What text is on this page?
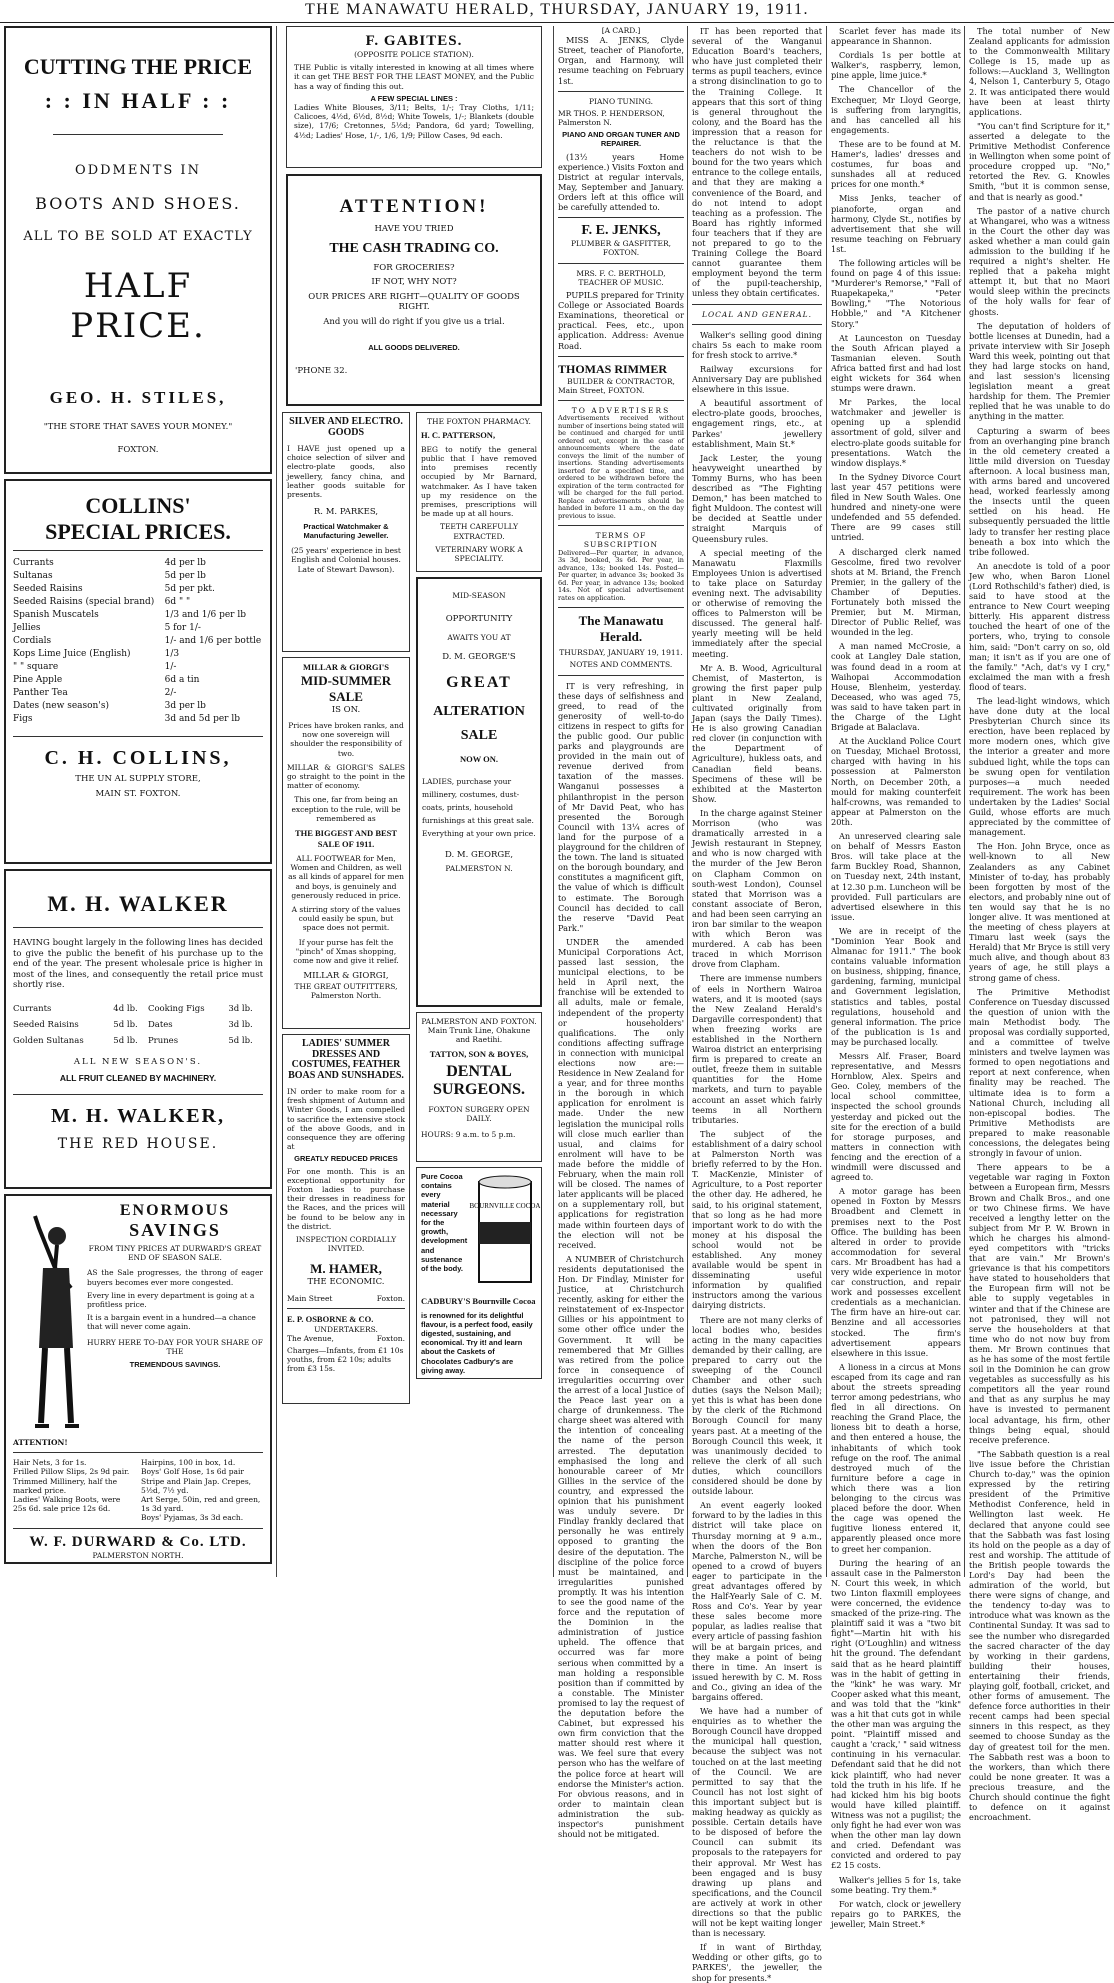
THE MANAWATU HERALD, THURSDAY, JANUARY 19, 1911.
CUTTING THE PRICE
: : IN HALF : :
ODDMENTS IN
BOOTS AND SHOES.
ALL TO BE SOLD AT EXACTLY
HALF PRICE.
GEO. H. STILES,
"THE STORE THAT SAVES YOUR MONEY."
FOXTON.
COLLINS'
SPECIAL PRICES.
Currants	4d per lb
Sultanas	5d per lb
Seeded Raisins	5d per pkt.
Seeded Raisins (special brand)	6d " "
Spanish Muscatels	1/3 and 1/6 per lb
Jellies	5 for 1/-
Cordials	1/- and 1/6 per bottle
Kops Lime Juice (English)	1/3
" " square	1/-
Pine Apple	6d a tin
Panther Tea	2/-
Dates (new season's)	3d per lb
Figs	3d and 5d per lb
C. H. COLLINS,
THE UN AL SUPPLY STORE,
MAIN ST. FOXTON.
M. H. WALKER
HAVING bought largely in the following lines has decided to give the public the benefit of his purchase up to the end of the year. The present wholesale price is higher in most of the lines, and consequently the retail price must shortly rise.
Currants	4d lb.	Cooking Figs	3d lb.
Seeded Raisins	5d lb.	Dates	3d lb.
Golden Sultanas	5d lb.	Prunes	5d lb.
ALL NEW SEASON'S.
ALL FRUIT CLEANED BY MACHINERY.
M. H. WALKER,
THE RED HOUSE.
ENORMOUS
SAVINGS
FROM TINY PRICES AT DURWARD'S GREAT END OF SEASON SALE.
AS the Sale progresses, the throng of eager buyers becomes ever more congested.
Every line in every department is going at a profitless price.
It is a bargain event in a hundred—a chance that will never come again.
HURRY HERE TO-DAY FOR YOUR SHARE OF THE
TREMENDOUS SAVINGS.
ATTENTION!
Hair Nets, 3 for 1s.
Frilled Pillow Slips, 2s 9d pair.
Trimmed Millinery, half the marked price.
Ladies' Walking Boots, were 25s 6d. sale price 12s 6d.
Hairpins, 100 in box, 1d.
Boys' Golf Hose, 1s 6d pair
Stripe and Plain Jap. Crepes, 5½d, 7½ yd.
Art Serge, 50in, red and green, 1s 3d yard.
Boys' Pyjamas, 3s 3d each.
W. F. DURWARD & Co. LTD.
PALMERSTON NORTH.
F. GABITES.
(OPPOSITE POLICE STATION).
THE Public is vitally interested in knowing at all times where it can get THE BEST FOR THE LEAST MONEY, and the Public has a way of finding this out.
A FEW SPECIAL LINES :
Ladies White Blouses, 3/11; Belts, 1/-; Tray Cloths, 1/11; Calicoes, 4½d, 6½d, 8½d; White Towels, 1/-; Blankets (double size), 17/6; Cretonnes, 5½d; Pandora, 6d yard; Towelling, 4½d; Ladies' Hose, 1/-, 1/6, 1/9; Pillow Cases, 9d each.
ATTENTION!
HAVE YOU TRIED
THE CASH TRADING CO.
FOR GROCERIES?
IF NOT, WHY NOT?
OUR PRICES ARE RIGHT—QUALITY OF GOODS RIGHT.
And you will do right if you give us a trial.
ALL GOODS DELIVERED.
'PHONE 32.
SILVER AND ELECTRO. GOODS
I HAVE just opened up a choice selection of silver and electro-plate goods, also jewellery, fancy china, and leather goods suitable for presents.
R. M. PARKES,
Practical Watchmaker & Manufacturing Jeweller.
(25 years' experience in best English and Colonial houses. Late of Stewart Dawson).
MILLAR & GIORGI'S
MID-SUMMER SALE
IS ON.
Prices have broken ranks, and now one sovereign will shoulder the responsibility of two.
MILLAR & GIORGI'S SALES go straight to the point in the matter of economy.
This one, far from being an exception to the rule, will be remembered as
THE BIGGEST AND BEST SALE OF 1911.
ALL FOOTWEAR for Men, Women and Children, as well as all kinds of apparel for men and boys, is genuinely and generously reduced in price.
A stirring story of the values could easily be spun, but space does not permit.
If your purse has felt the "pinch" of Xmas shopping, come now and give it relief.
MILLAR & GIORGI,
THE GREAT OUTFITTERS,
Palmerston North.
LADIES' SUMMER DRESSES AND COSTUMES, FEATHER BOAS AND SUNSHADES.
IN order to make room for a fresh shipment of Autumn and Winter Goods, I am compelled to sacrifice the extensive stock of the above Goods, and in consequence they are offering at
GREATLY REDUCED PRICES
For one month. This is an exceptional opportunity for Foxton ladies to purchase their dresses in readiness for the Races, and the prices will be found to be below any in the district.
INSPECTION CORDIALLY INVITED.
M. HAMER,
THE ECONOMIC.
Main Street	Foxton.
E. P. OSBORNE & CO.
UNDERTAKERS.
The Avenue,	Foxton.
Charges—Infants, from £1 10s youths, from £2 10s; adults from £3 15s.
THE FOXTON PHARMACY.
H. C. PATTERSON,
BEG to notify the general public that I have removed into premises recently occupied by Mr Barnard, watchmaker. As I have taken up my residence on the premises, prescriptions will be made up at all hours.
TEETH CAREFULLY EXTRACTED.
VETERINARY WORK A SPECIALITY.
MID-SEASON
OPPORTUNITY
AWAITS YOU AT
D. M. GEORGE'S
GREAT
ALTERATION
SALE
NOW ON.
LADIES, purchase your millinery, costumes, dust-coats, prints, household furnishings at this great sale. Everything at your own price.
D. M. GEORGE,
PALMERSTON N.
PALMERSTON AND FOXTON.
Main Trunk Line, Ohakune and Raetihi.
TATTON, SON & BOYES,
DENTAL SURGEONS.
FOXTON SURGERY OPEN DAILY.
HOURS: 9 a.m. to 5 p.m.
BOURNVILLE COCOA
Pure Cocoa contains every material necessary for the growth, development and sustenance of the body.
CADBURY'S Bournville Cocoa
is renowned for its delightful flavour, is a perfect food, easily digested, sustaining, and economical. Try it! and learn about the Caskets of Chocolates Cadbury's are giving away.
[A CARD.]
MISS A. JENKS, Clyde Street, teacher of Pianoforte, Organ, and Harmony, will resume teaching on February 1st.
PIANO TUNING.
MR THOS. P. HENDERSON, Palmerston N.
PIANO AND ORGAN TUNER AND REPAIRER.
(13½ years Home experience.) Visits Foxton and District at regular intervals, May, September and January. Orders left at this office will be carefully attended to.
F. E. JENKS,
PLUMBER & GASFITTER,
FOXTON.
MRS. F. C. BERTHOLD,
TEACHER OF MUSIC.
PUPILS prepared for Trinity College or Associated Boards Examinations, theoretical or practical. Fees, etc., upon application. Address: Avenue Road.
THOMAS RIMMER
BUILDER & CONTRACTOR,
Main Street, FOXTON.
TO ADVERTISERS
Advertisements received without number of insertions being stated will be continued and charged for until ordered out, except in the case of announcements where the date conveys the limit of the number of insertions. Standing advertisements inserted for a specified time, and ordered to be withdrawn before the expiration of the term contracted for will be charged for the full period. Replace advertisements should be handed in before 11 a.m., on the day previous to issue.
TERMS OF SUBSCRIPTION
Delivered—Per quarter, in advance, 3s 3d, booked, 3s 6d. Per year, in advance, 13s; booked 14s. Posted—Per quarter, in advance 3s; booked 3s 6d. Per year, in advance 13s; booked 14s. Not of special advertisement rates on application.
The Manawatu Herald.
THURSDAY, JANUARY 19, 1911.
NOTES AND COMMENTS.
IT is very refreshing, in these days of selfishness and greed, to read of the generosity of well-to-do citizens in respect to gifts for the public good. Our public parks and playgrounds are provided in the main out of revenue derived from taxation of the masses. Wanganui possesses a philanthropist in the person of Mr David Peat, who has presented the Borough Council with 13¼ acres of land for the purpose of a playground for the children of the town. The land is situated on the borough boundary, and constitutes a magnificent gift, the value of which is difficult to estimate. The Borough Council has decided to call the reserve "David Peat Park."
UNDER the amended Municipal Corporations Act, passed last session, the municipal elections, to be held in April next, the franchise will be extended to all adults, male or female, independent of the property or householders' qualifications. The only conditions affecting suffrage in connection with municipal elections now are:—Residence in New Zealand for a year, and for three months in the borough in which application for enrolment is made. Under the new legislation the municipal rolls will close much earlier than usual, and claims for enrolment will have to be made before the middle of February, when the main roll will be closed. The names of later applicants will be placed on a supplementary roll, but applications for registration made within fourteen days of the election will not be received.
A NUMBER of Christchurch residents deputationised the Hon. Dr Findlay, Minister for Justice, at Christchurch recently, asking for either the reinstatement of ex-Inspector Gillies or his appointment to some other office under the Government. It will be remembered that Mr Gillies was retired from the police force in consequence of irregularities occurring over the arrest of a local Justice of the Peace last year on a charge of drunkenness. The charge sheet was altered with the intention of concealing the name of the person arrested. The deputation emphasised the long and honourable career of Mr Gillies in the service of the country, and expressed the opinion that his punishment was unduly severe. Dr Findlay frankly declared that personally he was entirely opposed to granting the desire of the deputation. The discipline of the police force must be maintained, and irregularities punished promptly. It was his intention to see the good name of the force and the reputation of the Dominion in the administration of justice upheld. The offence that occurred was far more serious when committed by a man holding a responsible position than if committed by a constable. The Minister promised to lay the request of the deputation before the Cabinet, but expressed his own firm conviction that the matter should rest where it was. We feel sure that every person who has the welfare of the police force at heart will endorse the Minister's action. For obvious reasons, and in order to maintain clean administration the sub-inspector's punishment should not be mitigated.
IT has been reported that several of the Wanganui Education Board's teachers, who have just completed their terms as pupil teachers, evince a strong disinclination to go to the Training College. It appears that this sort of thing is general throughout the colony, and the Board has the impression that a reason for the reluctance is that the teachers do not wish to be bound for the two years which entrance to the college entails, and that they are making a convenience of the Board, and do not intend to adopt teaching as a profession. The Board has rightly informed four teachers that if they are not prepared to go to the Training College the Board cannot guarantee them employment beyond the term of the pupil-teachership, unless they obtain certificates.
LOCAL AND GENERAL.
Walker's selling good dining chairs 5s each to make room for fresh stock to arrive.*
Railway excursions for Anniversary Day are published elsewhere in this issue.
A beautiful assortment of electro-plate goods, brooches, engagement rings, etc., at Parkes' jewellery establishment, Main St.*
Jack Lester, the young heavyweight unearthed by Tommy Burns, who has been described as "The Fighting Demon," has been matched to fight Muldoon. The contest will be decided at Seattle under straight Marquis of Queensbury rules.
A special meeting of the Manawatu Flaxmills Employees Union is advertised to take place on Saturday evening next. The advisability or otherwise of removing the offices to Palmerston will be discussed. The general half-yearly meeting will be held immediately after the special meeting.
Mr A. B. Wood, Agricultural Chemist, of Masterton, is growing the first paper pulp plant in New Zealand, cultivated originally from Japan (says the Daily Times). He is also growing Canadian red clover (in conjunction with the Department of Agriculture), hukless oats, and Canadian field beans. Specimens of these will be exhibited at the Masterton Show.
In the charge against Steiner Morrison (who was dramatically arrested in a Jewish restaurant in Stepney, and who is now charged with the murder of the Jew Beron on Clapham Common on south-west London), Counsel stated that Morrison was a constant associate of Beron, and had been seen carrying an iron bar similar to the weapon with which Beron was murdered. A cab has been traced in which Morrison drove from Clapham.
There are immense numbers of eels in Northern Wairoa waters, and it is mooted (says the New Zealand Herald's Dargaville correspondent) that when freezing works are established in the Northern Wairoa district an enterprising firm is prepared to create an outlet, freeze them in suitable quantities for the Home markets, and turn to payable account an asset which fairly teems in all Northern tributaries.
The subject of the establishment of a dairy school at Palmerston North was briefly referred to by the Hon. T. MacKenzie, Minister of Agriculture, to a Post reporter the other day. He adhered, he said, to his original statement, that so long as he had more important work to do with the money at his disposal the school would not be established. Any money available would be spent in disseminating useful information by qualified instructors among the various dairying districts.
There are not many clerks of local bodies who, besides acting in the many capacities demanded by their calling, are prepared to carry out the sweeping of the Council Chamber and other such duties (says the Nelson Mail); yet this is what has been done by the clerk of the Richmond Borough Council for many years past. At a meeting of the Borough Council this week, it was unanimously decided to relieve the clerk of all such duties, which councillors considered should be done by outside labour.
An event eagerly looked forward to by the ladies in this district will take place on Thursday morning at 9 a.m., when the doors of the Bon Marche, Palmerston N., will be opened to a crowd of buyers eager to participate in the great advantages offered by the Half-Yearly Sale of C. M. Ross and Co's. Year by year these sales become more popular, as ladies realise that every article of passing fashion will be at bargain prices, and they make a point of being there in time. An insert is issued herewith by C. M. Ross and Co., giving an idea of the bargains offered.
We have had a number of enquiries as to whether the Borough Council have dropped the municipal hall question, because the subject was not touched on at the last meeting of the Council. We are permitted to say that the Council has not lost sight of this important subject but is making headway as quickly as possible. Certain details have to be disposed of before the Council can submit its proposals to the ratepayers for their approval. Mr West has been engaged and is busy drawing up plans and specifications, and the Council are actively at work in other directions so that the public will not be kept waiting longer than is necessary.
If in want of Birthday, Wedding or other gifts, go to PARKES', the jeweller, the shop for presents.*
Scarlet fever has made its appearance in Shannon.
Cordials 1s per bottle at Walker's, raspberry, lemon, pine apple, lime juice.*
The Chancellor of the Exchequer, Mr Lloyd George, is suffering from laryngitis, and has cancelled all his engagements.
These are to be found at M. Hamer's, ladies' dresses and costumes, fur boas and sunshades all at reduced prices for one month.*
Miss Jenks, teacher of pianoforte, organ and harmony, Clyde St., notifies by advertisement that she will resume teaching on February 1st.
The following articles will be found on page 4 of this issue: "Murderer's Remorse," "Fall of Ruapekapeka," "Peter Bowling," "The Notorious Hobble," and "A Kitchener Story."
At Launceston on Tuesday the South African played a Tasmanian eleven. South Africa batted first and had lost eight wickets for 364 when stumps were drawn.
Mr Parkes, the local watchmaker and jeweller is opening up a splendid assortment of gold, silver and electro-plate goods suitable for presentations. Watch the window displays.*
In the Sydney Divorce Court last year 457 petitions were filed in New South Wales. One hundred and ninety-one were undefended and 55 defended. There are 99 cases still untried.
A discharged clerk named Gescolme, fired two revolver shots at M. Briand, the French Premier, in the gallery of the Chamber of Deputies. Fortunately both missed the Premier, but M. Mirman, Director of Public Relief, was wounded in the leg.
A man named McCrosie, a cook at Langley Dale station, was found dead in a room at Waihopai Accommodation House, Blenheim, yesterday. Deceased, who was aged 75, was said to have taken part in the Charge of the Light Brigade at Balaclava.
At the Auckland Police Court on Tuesday, Michael Brotossi, charged with having in his possession at Palmerston North, on December 20th, a mould for making counterfeit half-crowns, was remanded to appear at Palmerston on the 20th.
An unreserved clearing sale on behalf of Messrs Easton Bros. will take place at the farm Buckley Road, Shannon, on Tuesday next, 24th instant, at 12.30 p.m. Luncheon will be provided. Full particulars are advertised elsewhere in this issue.
We are in receipt of the "Dominion Year Book and Almanac for 1911." The book contains valuable information on business, shipping, finance, gardening, farming, municipal and Government legislation, statistics and tables, postal regulations, household and general information. The price of the publication is 1s and may be purchased locally.
Messrs Alf. Fraser, Board representative, and Messrs Hornblow, Alex. Speirs and Geo. Coley, members of the local school committee, inspected the school grounds yesterday and picked out the site for the erection of a build for storage purposes, and matters in connection with fencing and the erection of a windmill were discussed and agreed to.
A motor garage has been opened in Foxton by Messrs Broadbent and Clemett in premises next to the Post Office. The building has been altered in order to provide accommodation for several cars. Mr Broadbent has had a very wide experience in motor car construction, and repair work and possesses excellent credentials as a mechanician. The firm have an hire-out car. Benzine and all accessories stocked. The firm's advertisement appears elsewhere in this issue.
A lioness in a circus at Mons escaped from its cage and ran about the streets spreading terror among pedestrians, who fled in all directions. On reaching the Grand Place, the lioness bit to death a horse, and then entered a house, the inhabitants of which took refuge on the roof. The animal destroyed much of the furniture before a cage in which there was a lion belonging to the circus was placed before the door. When the cage was opened the fugitive lioness entered it, apparently pleased once more to greet her companion.
During the hearing of an assault case in the Palmerston N. Court this week, in which two Linton flaxmill employees were concerned, the evidence smacked of the prize-ring. The plaintiff said it was a "two bit fight"—Martin hit with his right (O'Loughlin) and witness hit the ground. The defendant said that as he heard plaintiff was in the habit of getting in the "kink" he was wary. Mr Cooper asked what this meant, and was told that the "kink" was a hit that cuts got in while the other man was arguing the point. "Plaintiff missed and caught a 'crack,' " said witness continuing in his vernacular. Defendant said that he did not kick plaintiff, who had never told the truth in his life. If he had kicked him his big boots would have killed plaintiff. Witness was not a pugilist; the only fight he had ever won was when the other man lay down and cried. Defendant was convicted and ordered to pay £2 15 costs.
Walker's jellies 5 for 1s, take some beating. Try them.*
For watch, clock or jewellery repairs go to PARKES, the jeweller, Main Street.*
The total number of New Zealand applicants for admission to the Commonwealth Military College is 15, made up as follows:—Auckland 3, Wellington 4, Nelson 1, Canterbury 5, Otago 2. It was anticipated there would have been at least thirty applications.
"You can't find Scripture for it," asserted a delegate to the Primitive Methodist Conference in Wellington when some point of procedure cropped up. "No," retorted the Rev. G. Knowles Smith, "but it is common sense, and that is nearly as good."
The pastor of a native church at Whangarei, who was a witness in the Court the other day was asked whether a man could gain admission to the building if he required a night's shelter. He replied that a pakeha might attempt it, but that no Maori would sleep within the precincts of the holy walls for fear of ghosts.
The deputation of holders of bottle licenses at Dunedin, had a private interview with Sir Joseph Ward this week, pointing out that they had large stocks on hand, and last session's licensing legislation meant a great hardship for them. The Premier replied that he was unable to do anything in the matter.
Capturing a swarm of bees from an overhanging pine branch in the old cemetery created a little mild diversion on Tuesday afternoon. A local business man, with arms bared and uncovered head, worked fearlessly among the insects until the queen settled on his head. He subsequently persuaded the little lady to transfer her resting place beneath a box into which the tribe followed.
An anecdote is told of a poor Jew who, when Baron Lionel (Lord Rothschild's father) died, is said to have stood at the entrance to New Court weeping bitterly. His apparent distress touched the heart of one of the porters, who, trying to console him, said: "Don't carry on so, old man; it isn't as if you are one of the family." "Ach, dat's vy I cry," exclaimed the man with a fresh flood of tears.
The lead-light windows, which have done duty at the local Presbyterian Church since its erection, have been replaced by more modern ones, which give the interior a greater and more subdued light, while the tops can be swung open for ventilation purposes—a much needed requirement. The work has been undertaken by the Ladies' Social Guild, whose efforts are much appreciated by the committee of management.
The Hon. John Bryce, once as well-known to all New Zealanders as any Cabinet Minister of to-day, has probably been forgotten by most of the electors, and probably nine out of ten would say that he is no longer alive. It was mentioned at the meeting of chess players at Timaru last week (says the Herald) that Mr Bryce is still very much alive, and though about 83 years of age, he still plays a strong game of chess.
The Primitive Methodist Conference on Tuesday discussed the question of union with the main Methodist body. The proposal was cordially supported, and a committee of twelve ministers and twelve laymen was formed to open negotiations and report at next conference, when finality may be reached. The ultimate idea is to form a National Church, including all non-episcopal bodies. The Primitive Methodists are prepared to make reasonable concessions, the delegates being strongly in favour of union.
There appears to be a vegetable war raging in Foxton between a European firm, Messrs Brown and Chalk Bros., and one or two Chinese firms. We have received a lengthy letter on the subject from Mr P. W. Brown in which he charges his almond-eyed competitors with "tricks that are vain." Mr Brown's grievance is that his competitors have stated to householders that the European firm will not be able to supply vegetables in winter and that if the Chinese are not patronised, they will not serve the householders at that time who do not now buy from them. Mr Brown continues that as he has some of the most fertile soil in the Dominion he can grow vegetables as successfully as his competitors all the year round and that as any surplus he may have is invested to permanent local advantage, his firm, other things being equal, should receive preference.
"The Sabbath question is a real live issue before the Christian Church to-day," was the opinion expressed by the retiring president of the Primitive Methodist Conference, held in Wellington last week. He declared that anyone could see that the Sabbath was fast losing its hold on the people as a day of rest and worship. The attitude of the British people towards the Lord's Day had been the admiration of the world, but there were signs of change, and the tendency to-day was to introduce what was known as the Continental Sunday. It was sad to see the number who disregarded the sacred character of the day by working in their gardens, building their houses, entertaining their friends, playing golf, football, cricket, and other forms of amusement. The defence force authorities in their recent camps had been special sinners in this respect, as they seemed to choose Sunday as the day of greatest toil for the men. The Sabbath rest was a boon to the workers, than which there could be none greater. It was a precious treasure, and the Church should continue the fight to defence on it against encroachment.
